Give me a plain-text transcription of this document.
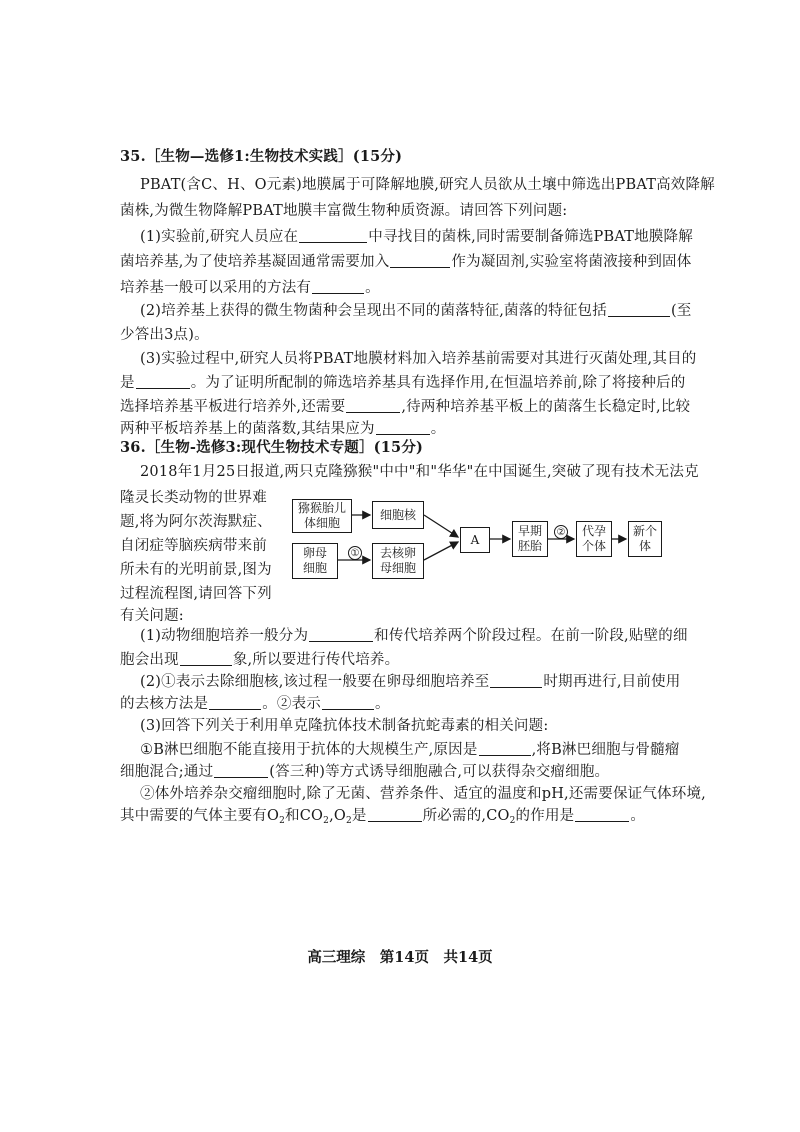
35.［生物—选修1:生物技术实践］(15分)
PBAT(含C、H、O元素)地膜属于可降解地膜,研究人员欲从土壤中筛选出PBAT高效降解
菌株,为微生物降解PBAT地膜丰富微生物种质资源。请回答下列问题:
(1)实验前,研究人员应在	中寻找目的菌株,同时需要制备筛选PBAT地膜降解
菌培养基,为了使培养基凝固通常需要加入	作为凝固剂,实验室将菌液接种到固体
培养基一般可以采用的方法有	。
(2)培养基上获得的微生物菌种会呈现出不同的菌落特征,菌落的特征包括	(至
少答出3点)。
(3)实验过程中,研究人员将PBAT地膜材料加入培养基前需要对其进行灭菌处理,其目的
是	。为了证明所配制的筛选培养基具有选择作用,在恒温培养前,除了将接种后的
选择培养基平板进行培养外,还需要	,待两种培养基平板上的菌落生长稳定时,比较
两种平板培养基上的菌落数,其结果应为	。
36.［生物-选修3:现代生物技术专题］(15分)
2018年1月25日报道,两只克隆猕猴"中中"和"华华"在中国诞生,突破了现有技术无法克
隆灵长类动物的世界难
题,将为阿尔茨海默症、
自闭症等脑疾病带来前
所未有的光明前景,图为
过程流程图,请回答下列
有关问题:
猕猴胎儿体细胞
细胞核
卵母细胞
①	去核卵母细胞
A
早期胚胎
② 代孕个体
新个体
(1)动物细胞培养一般分为	和传代培养两个阶段过程。在前一阶段,贴壁的细
胞会出现	象,所以要进行传代培养。
(2)①表示去除细胞核,该过程一般要在卵母细胞培养至	时期再进行,目前使用
的去核方法是	。②表示	。
(3)回答下列关于利用单克隆抗体技术制备抗蛇毒素的相关问题:
①B淋巴细胞不能直接用于抗体的大规模生产,原因是	,将B淋巴细胞与骨髓瘤
细胞混合;通过	(答三种)等方式诱导细胞融合,可以获得杂交瘤细胞。
②体外培养杂交瘤细胞时,除了无菌、营养条件、适宜的温度和pH,还需要保证气体环境,
其中需要的气体主要有$O_2$和$CO_2,O_2$是	所必需的$,CO_2$的作用是	。
高三理综　第14页　共14页
